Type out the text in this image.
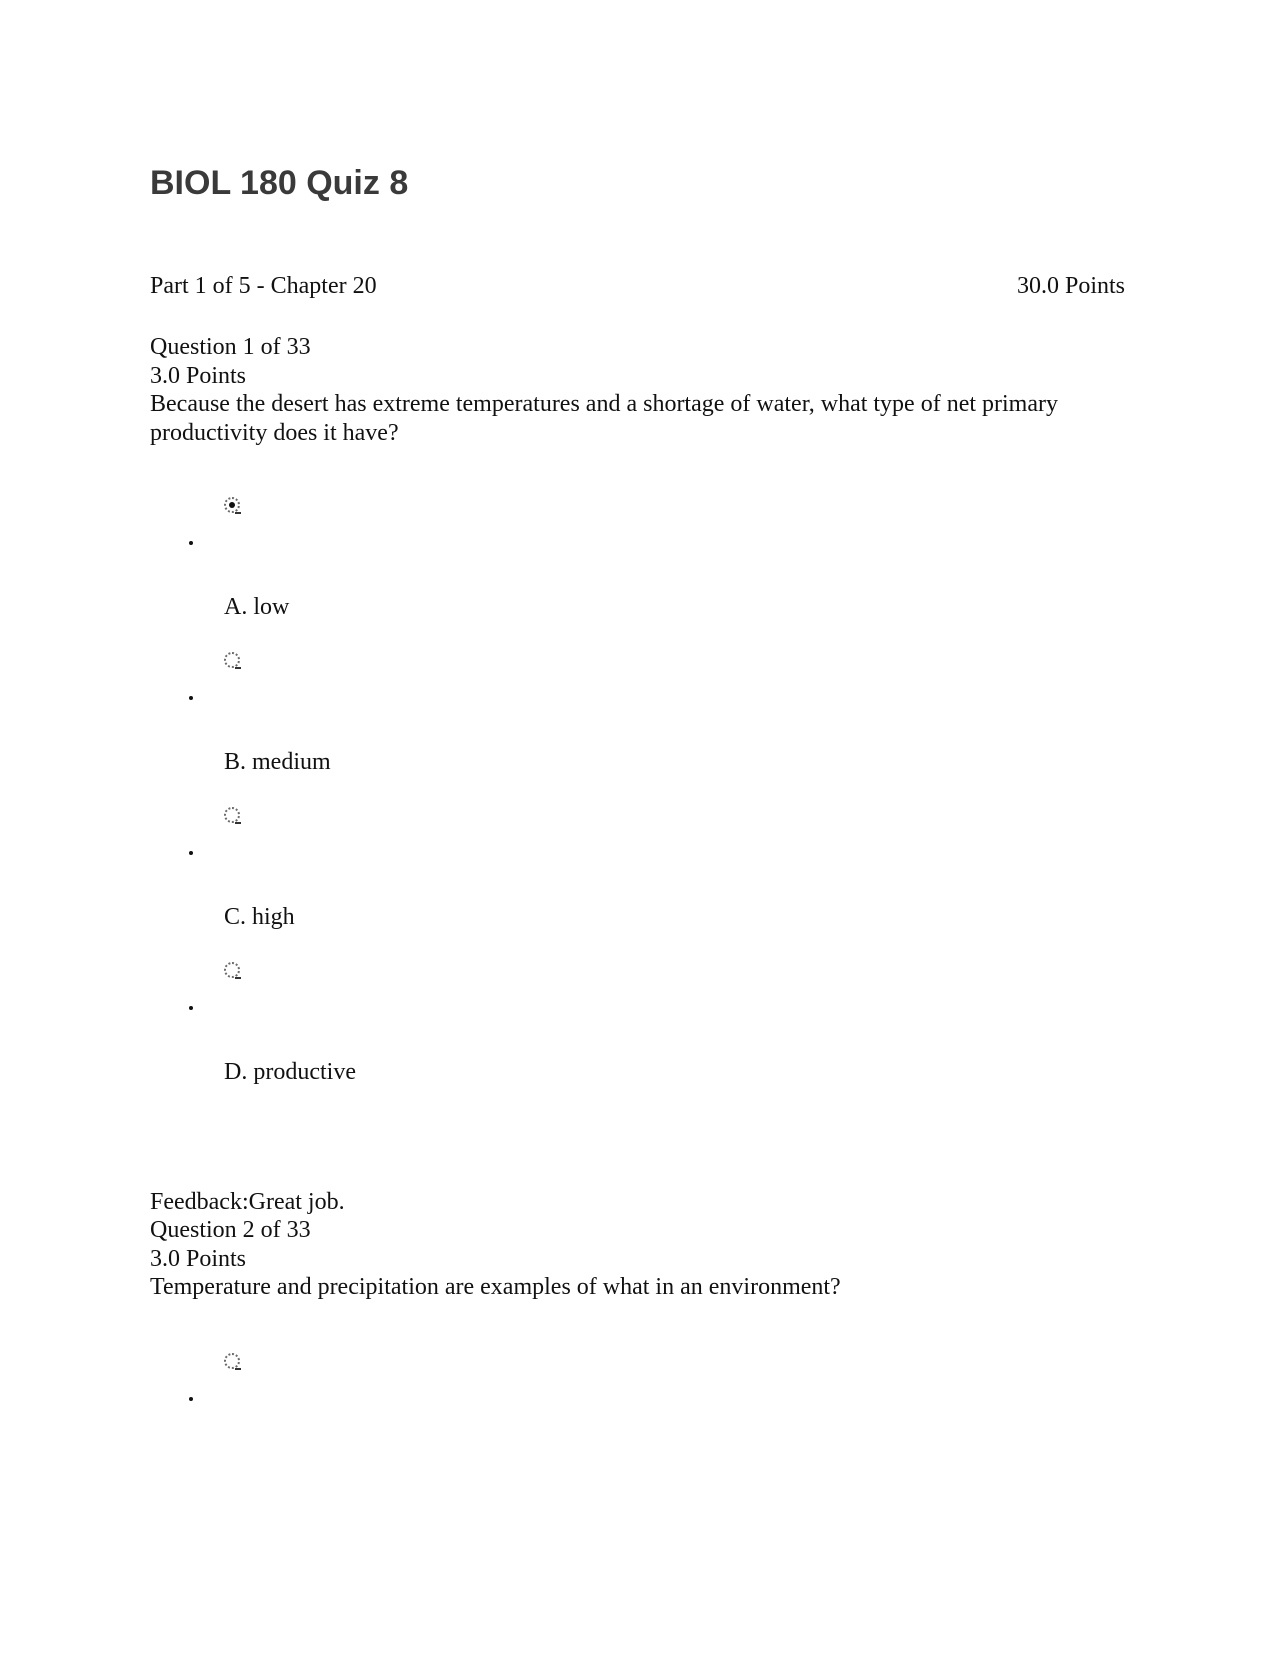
BIOL 180 Quiz 8
Part 1 of 5 - Chapter 20	30.0 Points
Question 1 of 33
3.0 Points
Because the desert has extreme temperatures and a shortage of water, what type of net primary productivity does it have?
A. low
B. medium
C. high
D. productive
Feedback:Great job.
Question 2 of 33
3.0 Points
Temperature and precipitation are examples of what in an environment?
